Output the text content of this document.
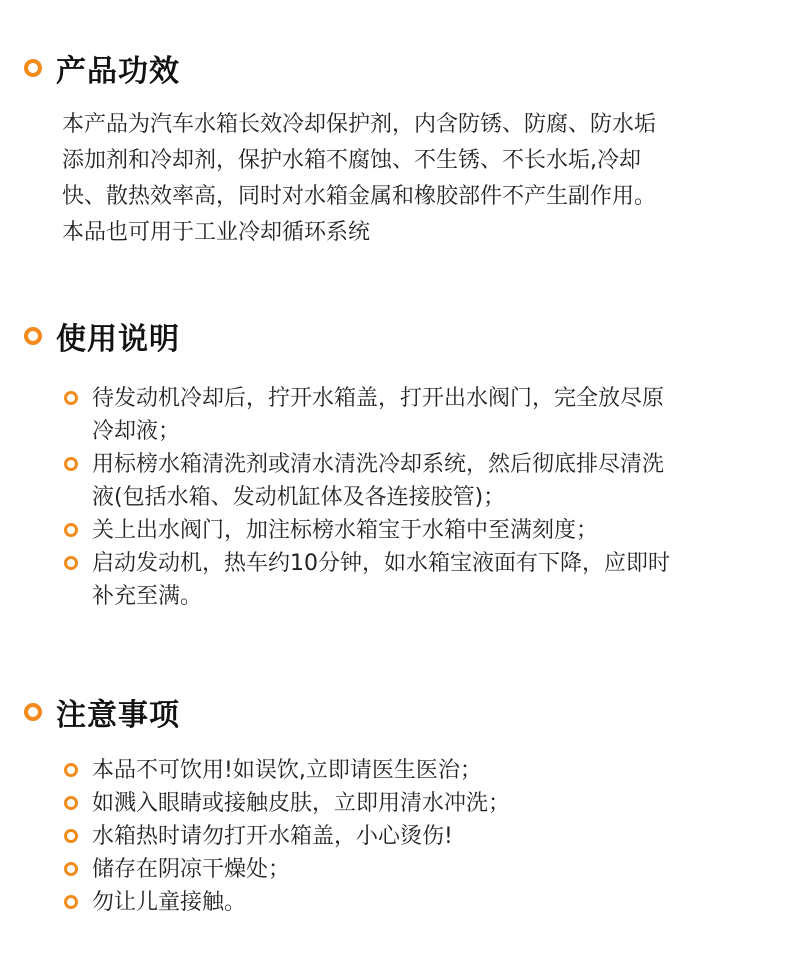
产品功效
本产品为汽车水箱长效冷却保护剂，内含防锈、防腐、防水垢
添加剂和冷却剂，保护水箱不腐蚀、不生锈、不长水垢,冷却
快、散热效率高，同时对水箱金属和橡胶部件不产生副作用。
本品也可用于工业冷却循环系统
使用说明
待发动机冷却后，拧开水箱盖，打开出水阀门，完全放尽原
冷却液；
用标榜水箱清洗剂或清水清洗冷却系统，然后彻底排尽清洗
液(包括水箱、发动机缸体及各连接胶管)；
关上出水阀门，加注标榜水箱宝于水箱中至满刻度；
启动发动机，热车约10分钟，如水箱宝液面有下降，应即时
补充至满。
注意事项
本品不可饮用!如误饮,立即请医生医治；
如溅入眼睛或接触皮肤，立即用清水冲洗；
水箱热时请勿打开水箱盖，小心烫伤!
储存在阴凉干燥处；
勿让儿童接触。
